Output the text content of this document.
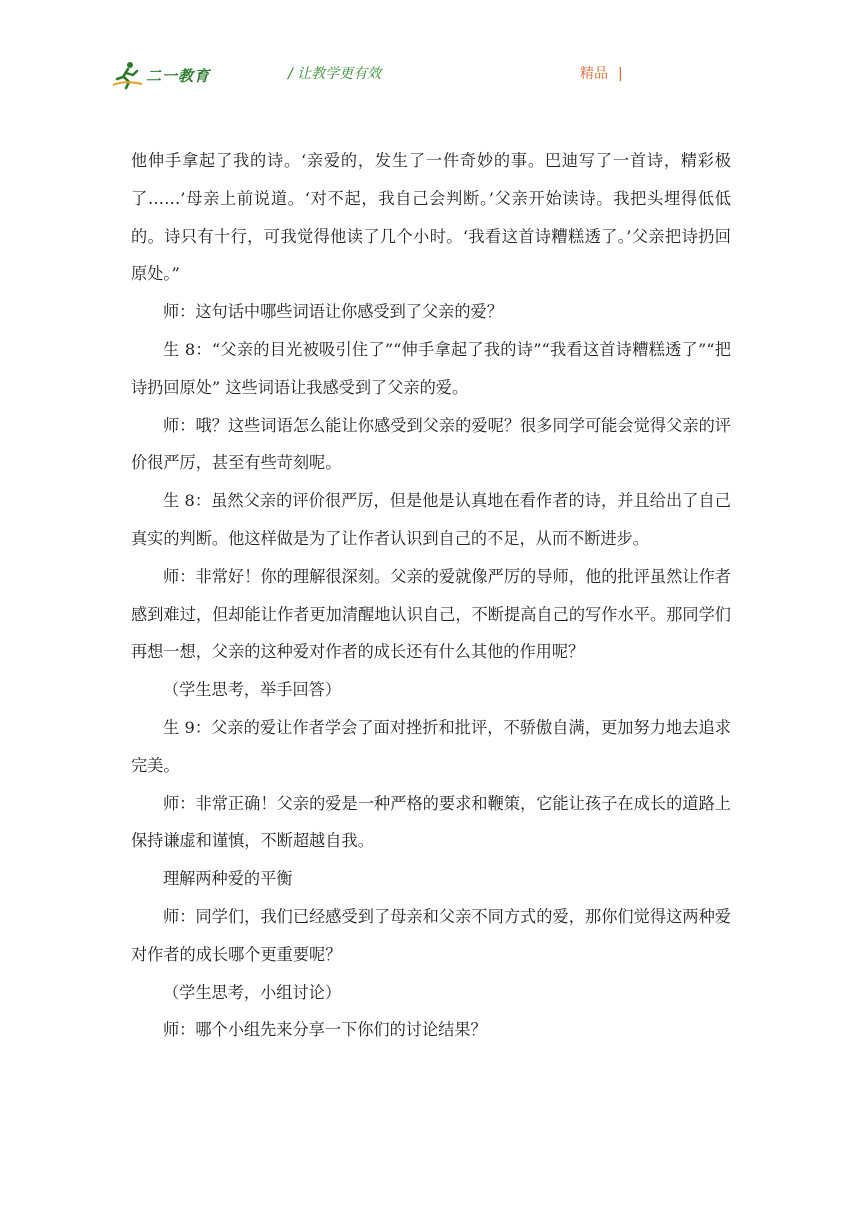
二一教育	/ 让教学更有效	精品 |

他伸手拿起了我的诗。‘亲爱的，发生了一件奇妙的事。巴迪写了一首诗，精彩极了……’母亲上前说道。‘对不起，我自己会判断。’父亲开始读诗。我把头埋得低低的。诗只有十行，可我觉得他读了几个小时。‘我看这首诗糟糕透了。’父亲把诗扔回原处。”

师：这句话中哪些词语让你感受到了父亲的爱？

生 8：“父亲的目光被吸引住了”“伸手拿起了我的诗”“我看这首诗糟糕透了”“把诗扔回原处” 这些词语让我感受到了父亲的爱。

师：哦？这些词语怎么能让你感受到父亲的爱呢？很多同学可能会觉得父亲的评价很严厉，甚至有些苛刻呢。

生 8：虽然父亲的评价很严厉，但是他是认真地在看作者的诗，并且给出了自己真实的判断。他这样做是为了让作者认识到自己的不足，从而不断进步。

师：非常好！你的理解很深刻。父亲的爱就像严厉的导师，他的批评虽然让作者感到难过，但却能让作者更加清醒地认识自己，不断提高自己的写作水平。那同学们再想一想，父亲的这种爱对作者的成长还有什么其他的作用呢？

（学生思考，举手回答）

生 9：父亲的爱让作者学会了面对挫折和批评，不骄傲自满，更加努力地去追求完美。

师：非常正确！父亲的爱是一种严格的要求和鞭策，它能让孩子在成长的道路上保持谦虚和谨慎，不断超越自我。

理解两种爱的平衡

师：同学们，我们已经感受到了母亲和父亲不同方式的爱，那你们觉得这两种爱对作者的成长哪个更重要呢？

（学生思考，小组讨论）

师：哪个小组先来分享一下你们的讨论结果？
